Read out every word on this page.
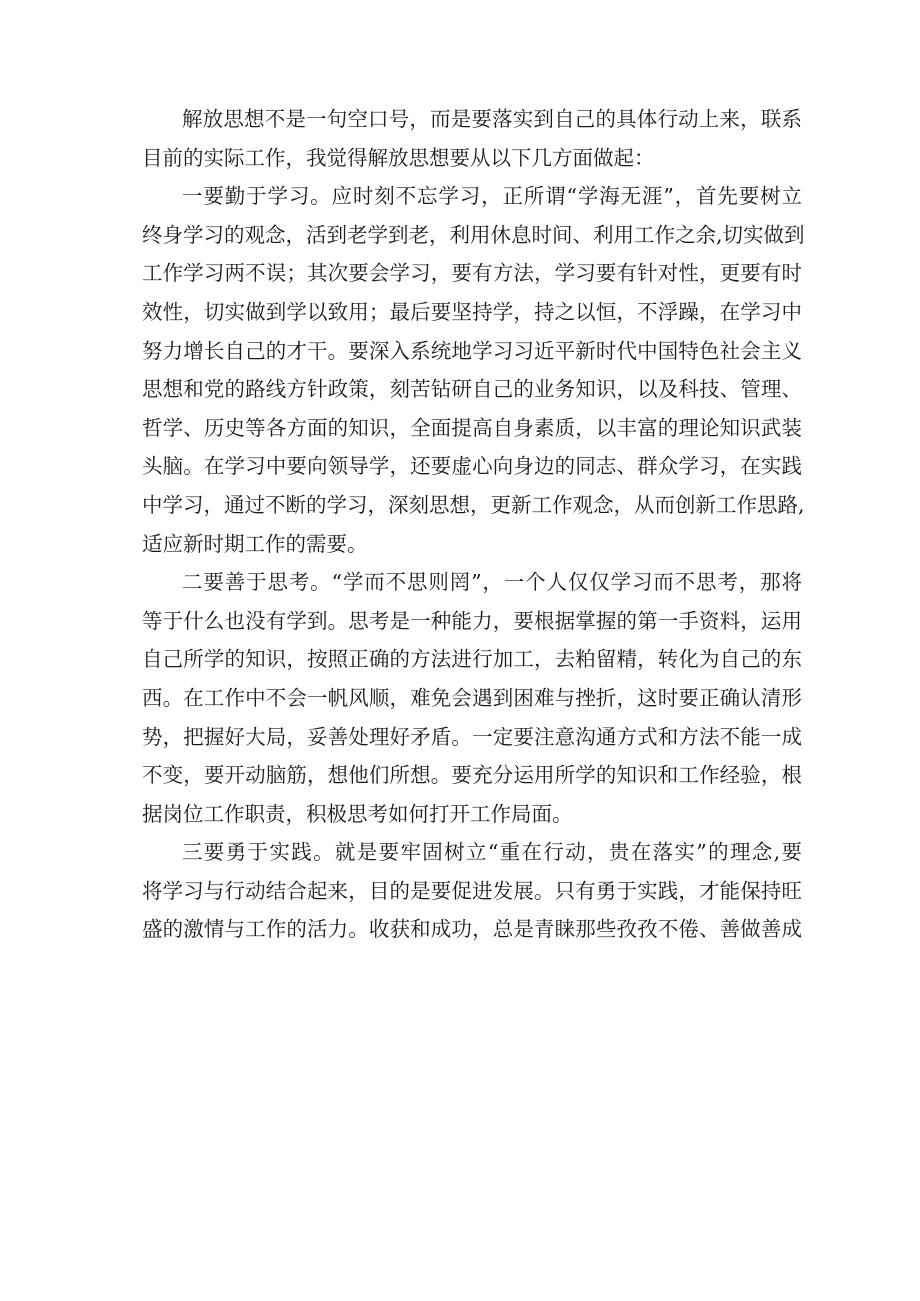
解放思想不是一句空口号，而是要落实到自己的具体行动上来，联系
目前的实际工作，我觉得解放思想要从以下几方面做起：
一要勤于学习。应时刻不忘学习，正所谓“学海无涯”，首先要树立
终身学习的观念，活到老学到老，利用休息时间、利用工作之余,切实做到
工作学习两不误；其次要会学习，要有方法，学习要有针对性，更要有时
效性，切实做到学以致用；最后要坚持学，持之以恒，不浮躁，在学习中
努力增长自己的才干。要深入系统地学习习近平新时代中国特色社会主义
思想和党的路线方针政策，刻苦钻研自己的业务知识，以及科技、管理、
哲学、历史等各方面的知识，全面提高自身素质，以丰富的理论知识武装
头脑。在学习中要向领导学，还要虚心向身边的同志、群众学习，在实践
中学习，通过不断的学习，深刻思想，更新工作观念，从而创新工作思路,
适应新时期工作的需要。
二要善于思考。“学而不思则罔”，一个人仅仅学习而不思考，那将
等于什么也没有学到。思考是一种能力，要根据掌握的第一手资料，运用
自己所学的知识，按照正确的方法进行加工，去粕留精，转化为自己的东
西。在工作中不会一帆风顺，难免会遇到困难与挫折，这时要正确认清形
势，把握好大局，妥善处理好矛盾。一定要注意沟通方式和方法不能一成
不变，要开动脑筋，想他们所想。要充分运用所学的知识和工作经验，根
据岗位工作职责，积极思考如何打开工作局面。
三要勇于实践。就是要牢固树立“重在行动，贵在落实”的理念,要
将学习与行动结合起来，目的是要促进发展。只有勇于实践，才能保持旺
盛的激情与工作的活力。收获和成功，总是青睐那些孜孜不倦、善做善成
